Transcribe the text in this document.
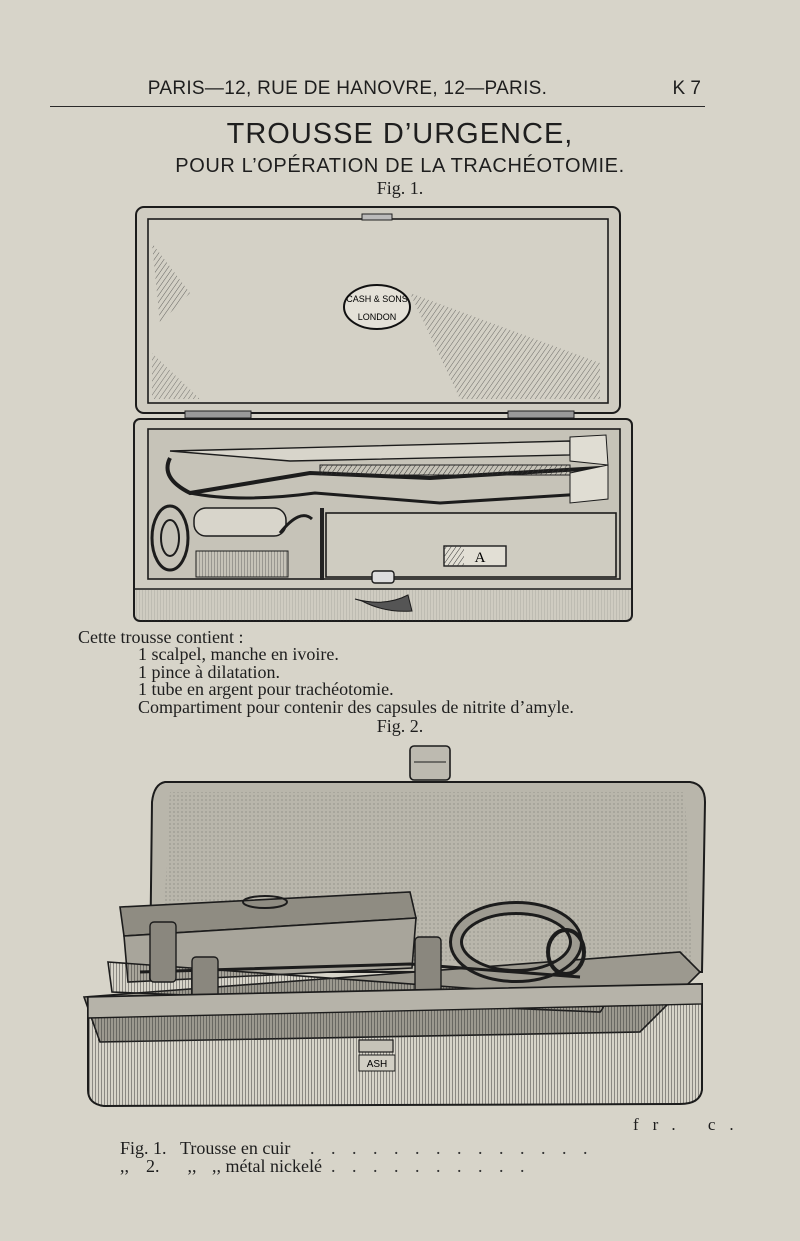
PARIS—12, RUE DE HANOVRE, 12—PARIS.	K 7
TROUSSE D’URGENCE,
POUR L’OPÉRATION DE LA TRACHÉOTOMIE.
Fig. 1.
CASH & SONS
LONDON
A
Cette trousse contient :
1 scalpel, manche en ivoire.
1 pince à dilatation.
1 tube en argent pour trachéotomie.
Compartiment pour contenir des capsules de nitrite d’amyle.
Fig. 2.
ASH
fr. c.
Fig. 1. Trousse en cuir . . . . . . . . . . . . . .
,, 2. ,, ,, métal nickelé
. . . . . . . . . . .
